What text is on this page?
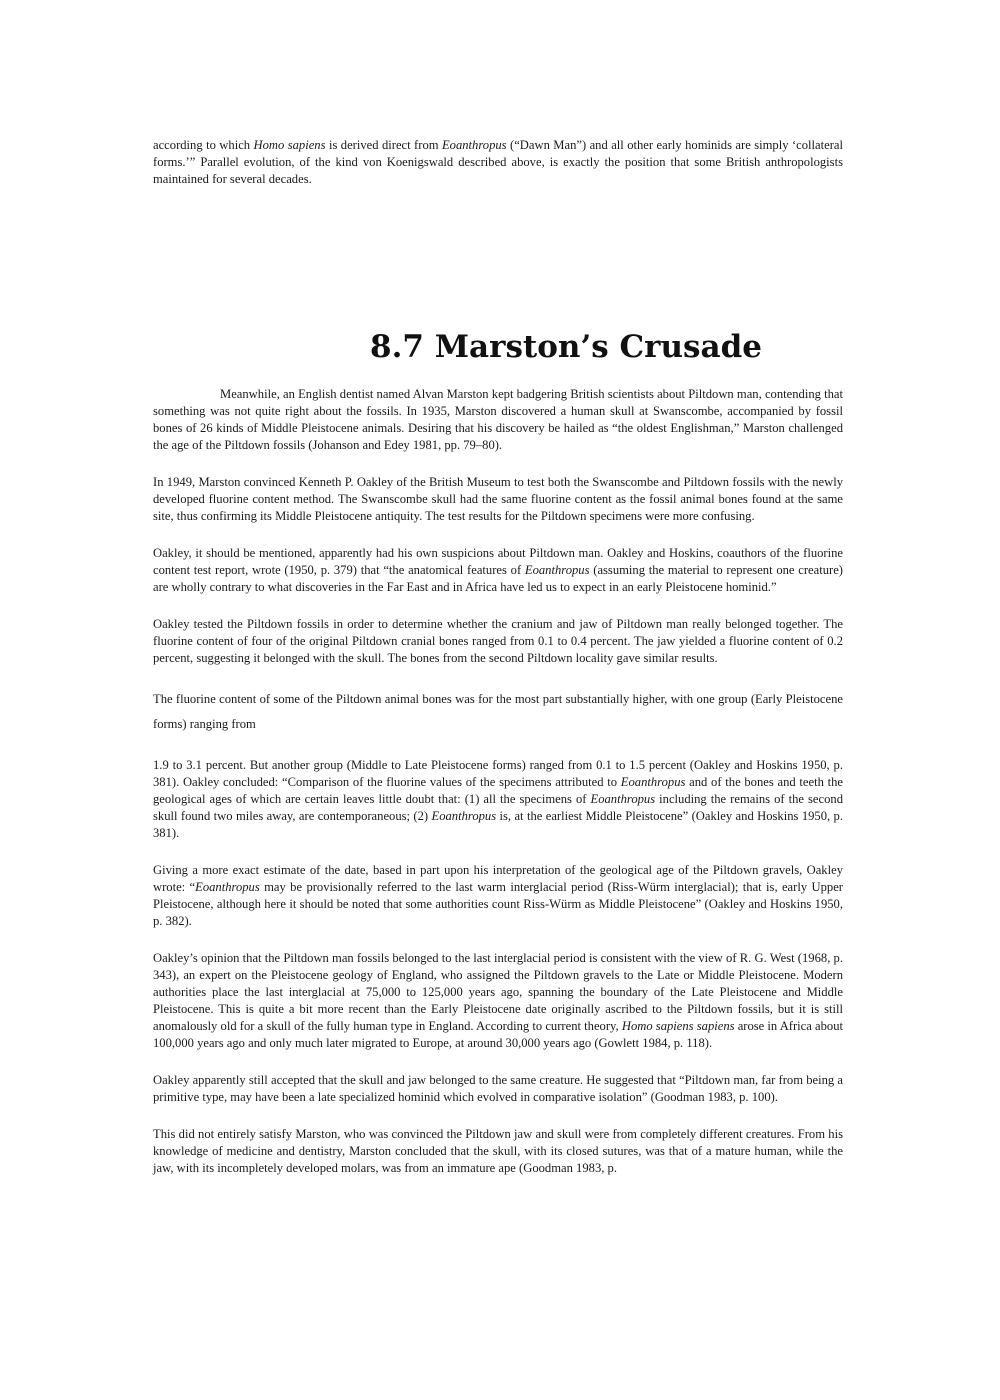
according to which Homo sapiens is derived direct from Eoanthropus (“Dawn Man”) and all other early hominids are simply ‘collateral forms.’” Parallel evolution, of the kind von Koenigswald described above, is exactly the position that some British anthropologists maintained for several decades.

8.7 Marston’s Crusade

Meanwhile, an English dentist named Alvan Marston kept badgering British scientists about Piltdown man, contending that something was not quite right about the fossils. In 1935, Marston discovered a human skull at Swanscombe, accompanied by fossil bones of 26 kinds of Middle Pleistocene animals. Desiring that his discovery be hailed as “the oldest Englishman,” Marston challenged the age of the Piltdown fossils (Johanson and Edey 1981, pp. 79–80).

In 1949, Marston convinced Kenneth P. Oakley of the British Museum to test both the Swanscombe and Piltdown fossils with the newly developed fluorine content method. The Swanscombe skull had the same fluorine content as the fossil animal bones found at the same site, thus confirming its Middle Pleistocene antiquity. The test results for the Piltdown specimens were more confusing.

Oakley, it should be mentioned, apparently had his own suspicions about Piltdown man. Oakley and Hoskins, coauthors of the fluorine content test report, wrote (1950, p. 379) that “the anatomical features of Eoanthropus (assuming the material to represent one creature) are wholly contrary to what discoveries in the Far East and in Africa have led us to expect in an early Pleistocene hominid.”

Oakley tested the Piltdown fossils in order to determine whether the cranium and jaw of Piltdown man really belonged together. The fluorine content of four of the original Piltdown cranial bones ranged from 0.1 to 0.4 percent. The jaw yielded a fluorine content of 0.2 percent, suggesting it belonged with the skull. The bones from the second Piltdown locality gave similar results.

The fluorine content of some of the Piltdown animal bones was for the most part substantially higher, with one group (Early Pleistocene forms) ranging from

1.9 to 3.1 percent. But another group (Middle to Late Pleistocene forms) ranged from 0.1 to 1.5 percent (Oakley and Hoskins 1950, p. 381). Oakley concluded: “Comparison of the fluorine values of the specimens attributed to Eoanthropus and of the bones and teeth the geological ages of which are certain leaves little doubt that: (1) all the specimens of Eoanthropus including the remains of the second skull found two miles away, are contemporaneous; (2) Eoanthropus is, at the earliest Middle Pleistocene” (Oakley and Hoskins 1950, p. 381).

Giving a more exact estimate of the date, based in part upon his interpretation of the geological age of the Piltdown gravels, Oakley wrote: “Eoanthropus may be provisionally referred to the last warm interglacial period (Riss-Würm interglacial); that is, early Upper Pleistocene, although here it should be noted that some authorities count Riss-Würm as Middle Pleistocene” (Oakley and Hoskins 1950, p. 382).

Oakley’s opinion that the Piltdown man fossils belonged to the last interglacial period is consistent with the view of R. G. West (1968, p. 343), an expert on the Pleistocene geology of England, who assigned the Piltdown gravels to the Late or Middle Pleistocene. Modern authorities place the last interglacial at 75,000 to 125,000 years ago, spanning the boundary of the Late Pleistocene and Middle Pleistocene. This is quite a bit more recent than the Early Pleistocene date originally ascribed to the Piltdown fossils, but it is still anomalously old for a skull of the fully human type in England. According to current theory, Homo sapiens sapiens arose in Africa about 100,000 years ago and only much later migrated to Europe, at around 30,000 years ago (Gowlett 1984, p. 118).

Oakley apparently still accepted that the skull and jaw belonged to the same creature. He suggested that “Piltdown man, far from being a primitive type, may have been a late specialized hominid which evolved in comparative isolation” (Goodman 1983, p. 100).

This did not entirely satisfy Marston, who was convinced the Piltdown jaw and skull were from completely different creatures. From his knowledge of medicine and dentistry, Marston concluded that the skull, with its closed sutures, was that of a mature human, while the jaw, with its incompletely developed molars, was from an immature ape (Goodman 1983, p.
